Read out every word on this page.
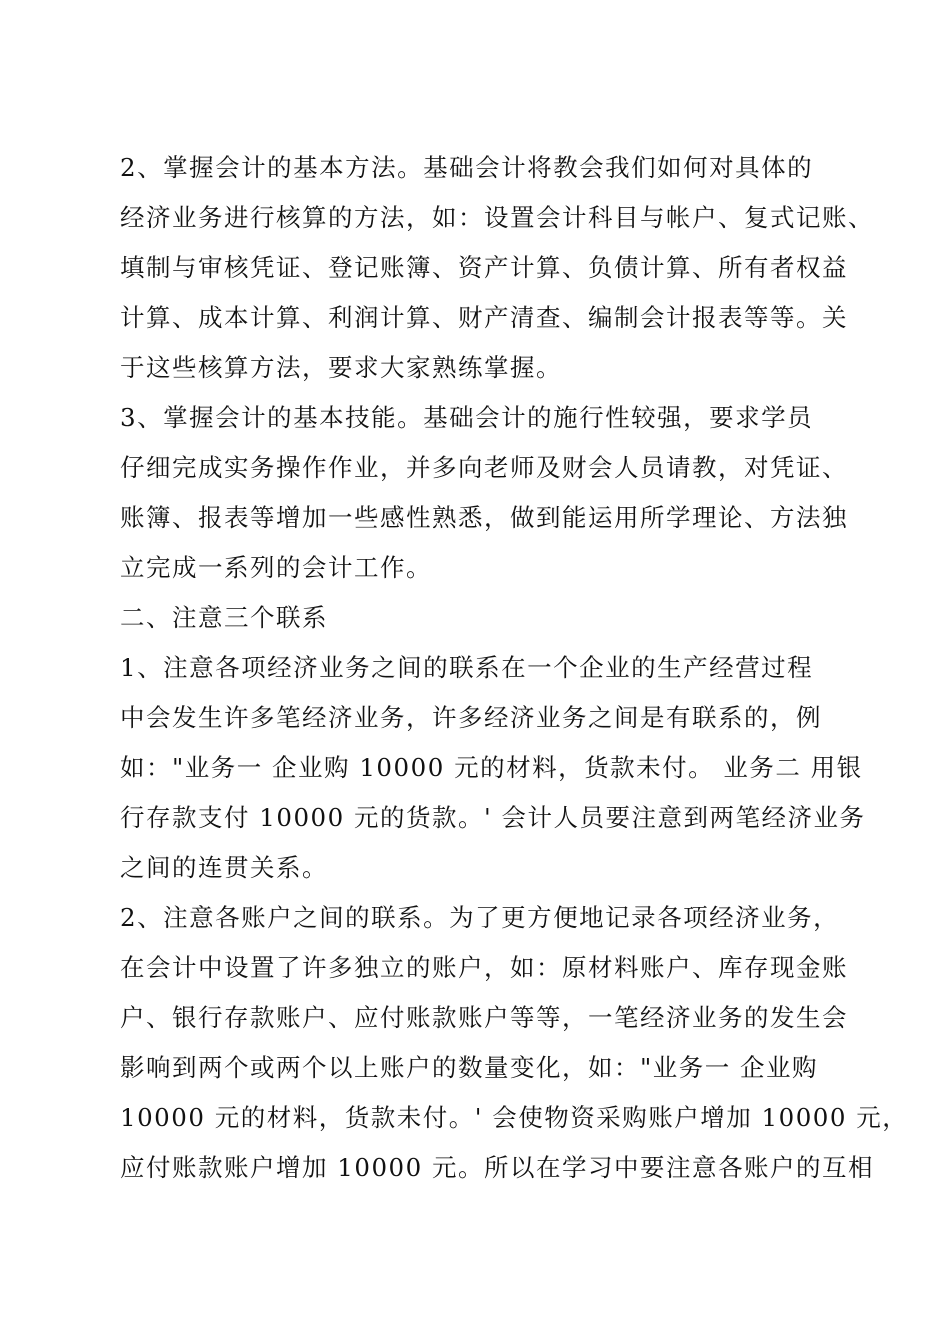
2、掌握会计的基本方法。基础会计将教会我们如何对具体的
经济业务进行核算的方法，如：设置会计科目与帐户、复式记账、
填制与审核凭证、登记账簿、资产计算、负债计算、所有者权益
计算、成本计算、利润计算、财产清查、编制会计报表等等。关
于这些核算方法，要求大家熟练掌握。
3、掌握会计的基本技能。基础会计的施行性较强，要求学员
仔细完成实务操作作业，并多向老师及财会人员请教，对凭证、
账簿、报表等增加一些感性熟悉，做到能运用所学理论、方法独
立完成一系列的会计工作。
二、注意三个联系
1、注意各项经济业务之间的联系在一个企业的生产经营过程
中会发生许多笔经济业务，许多经济业务之间是有联系的，例
如："业务一 企业购 10000 元的材料，货款未付。 业务二 用银
行存款支付 10000 元的货款。' 会计人员要注意到两笔经济业务
之间的连贯关系。
2、注意各账户之间的联系。为了更方便地记录各项经济业务，
在会计中设置了许多独立的账户，如：原材料账户、库存现金账
户、银行存款账户、应付账款账户等等，一笔经济业务的发生会
影响到两个或两个以上账户的数量变化，如："业务一 企业购
10000 元的材料，货款未付。' 会使物资采购账户增加 10000 元，
应付账款账户增加 10000 元。所以在学习中要注意各账户的互相
